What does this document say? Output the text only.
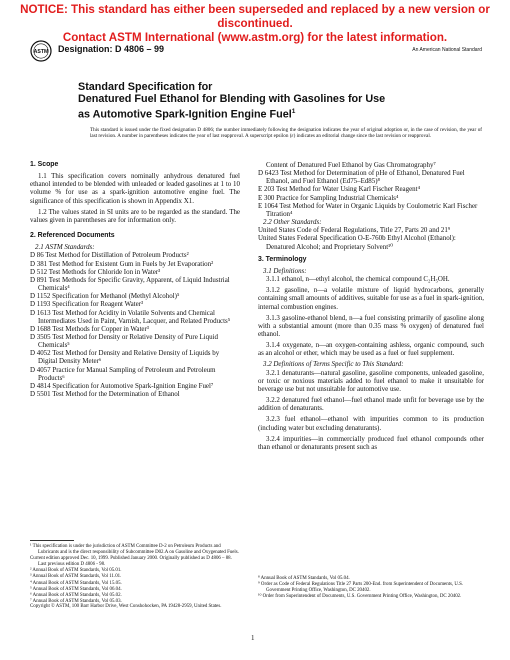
NOTICE: This standard has either been superseded and replaced by a new version or discontinued.
Contact ASTM International (www.astm.org) for the latest information.
ASTM Designation: D 4806 – 99	An American National Standard
Standard Specification for
Denatured Fuel Ethanol for Blending with Gasolines for Use
as Automotive Spark-Ignition Engine Fuel$^1$
This standard is issued under the fixed designation D 4806; the number immediately following the designation indicates the year of original adoption or, in the case of revision, the year of last revision. A number in parentheses indicates the year of last reapproval. A superscript epsilon (ε) indicates an editorial change since the last revision or reapproval.
1. Scope
1.1 This specification covers nominally anhydrous denatured fuel ethanol intended to be blended with unleaded or leaded gasolines at 1 to 10 volume % for use as a spark-ignition automotive engine fuel. The significance of this specification is shown in Appendix X1.
1.2 The values stated in SI units are to be regarded as the standard. The values given in parentheses are for information only.
2. Referenced Documents
2.1 ASTM Standards:
D 86 Test Method for Distillation of Petroleum Products²
D 381 Test Method for Existent Gum in Fuels by Jet Evaporation²
D 512 Test Methods for Chloride Ion in Water³
D 891 Test Methods for Specific Gravity, Apparent, of Liquid Industrial Chemicals⁴
D 1152 Specification for Methanol (Methyl Alcohol)⁵
D 1193 Specification for Reagent Water³
D 1613 Test Method for Acidity in Volatile Solvents and Chemical Intermediates Used in Paint, Varnish, Lacquer, and Related Products⁵
D 1688 Test Methods for Copper in Water³
D 3505 Test Method for Density or Relative Density of Pure Liquid Chemicals⁵
D 4052 Test Method for Density and Relative Density of Liquids by Digital Density Meter⁶
D 4057 Practice for Manual Sampling of Petroleum and Petroleum Products⁶
D 4814 Specification for Automotive Spark-Ignition Engine Fuel⁷
D 5501 Test Method for the Determination of Ethanol
Content of Denatured Fuel Ethanol by Gas Chromatography⁷
D 6423 Test Method for Determination of pHe of Ethanol, Denatured Fuel Ethanol, and Fuel Ethanol (Ed75–Ed85)⁸
E 203 Test Method for Water Using Karl Fischer Reagent⁴
E 300 Practice for Sampling Industrial Chemicals⁴
E 1064 Test Method for Water in Organic Liquids by Coulometric Karl Fischer Titration⁴
2.2 Other Standards:
United States Code of Federal Regulations, Title 27, Parts 20 and 21⁹
United States Federal Specification O-E-760b Ethyl Alcohol (Ethanol): Denatured Alcohol; and Proprietary Solvent¹⁰
3. Terminology
3.1 Definitions:
3.1.1 ethanol, n—ethyl alcohol, the chemical compound C₂H₅OH.
3.1.2 gasoline, n—a volatile mixture of liquid hydrocarbons, generally containing small amounts of additives, suitable for use as a fuel in spark-ignition, internal combustion engines.
3.1.3 gasoline-ethanol blend, n—a fuel consisting primarily of gasoline along with a substantial amount (more than 0.35 mass % oxygen) of denatured fuel ethanol.
3.1.4 oxygenate, n—an oxygen-containing ashless, organic compound, such as an alcohol or ether, which may be used as a fuel or fuel supplement.
3.2 Definitions of Terms Specific to This Standard:
3.2.1 denaturants—natural gasoline, gasoline components, unleaded gasoline, or toxic or noxious materials added to fuel ethanol to make it unsuitable for beverage use but not unsuitable for automotive use.
3.2.2 denatured fuel ethanol—fuel ethanol made unfit for beverage use by the addition of denaturants.
3.2.3 fuel ethanol—ethanol with impurities common to its production (including water but excluding denaturants).
3.2.4 impurities—in commercially produced fuel ethanol compounds other than ethanol or denaturants present such as
¹ This specification is under the jurisdiction of ASTM Committee D-2 on Petroleum Products and Lubricants and is the direct responsibility of Subcommittee D02.A on Gasoline and Oxygenated Fuels.
Current edition approved Dec. 10, 1999. Published January 2000. Originally published as D 4806 – 88. Last previous edition D 4806 - 98.
² Annual Book of ASTM Standards, Vol 05.01.
³ Annual Book of ASTM Standards, Vol 11.01.
⁴ Annual Book of ASTM Standards, Vol 15.05.
⁵ Annual Book of ASTM Standards, Vol 06.04.
⁶ Annual Book of ASTM Standards, Vol 05.02.
⁷ Annual Book of ASTM Standards, Vol 05.03.
⁸ Annual Book of ASTM Standards, Vol 05.04.
⁹ Order as Code of Federal Regulations Title 27 Parts 200-End. from Superintendent of Documents, U.S. Government Printing Office, Washington, DC 20402.
¹⁰ Order from Superintendent of Documents, U.S. Government Printing Office, Washington, DC 20402.
Copyright © ASTM, 100 Barr Harbor Drive, West Conshohocken, PA 19428-2959, United States.
1
